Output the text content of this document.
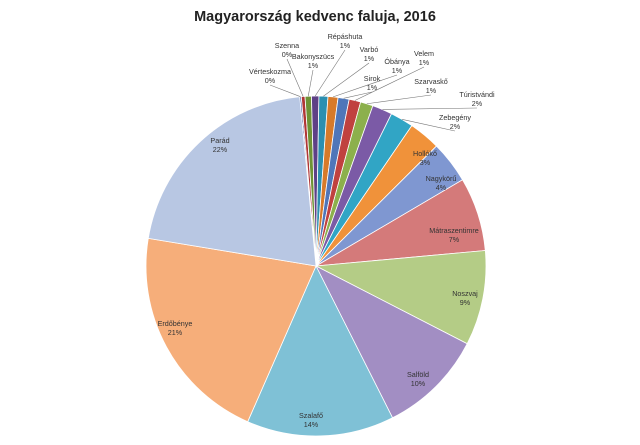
Magyarország kedvenc faluja, 2016
Vérteskozma 0%
Szenna 0% Bakonyszücs 1%
Répáshuta 1%	Varbó 1%	Óbánya 1%
Sirok 1%
Velem 1%
Szarvaskő 1%	Túristvándi 2%
Zebegény 2%
Hollókő 3%
Nagykörű 4%
Mátraszentimre 7%
Noszvaj 9%
Salföld 10%
Szalafő 14%
Erdőbénye 21%
Parád 22%
